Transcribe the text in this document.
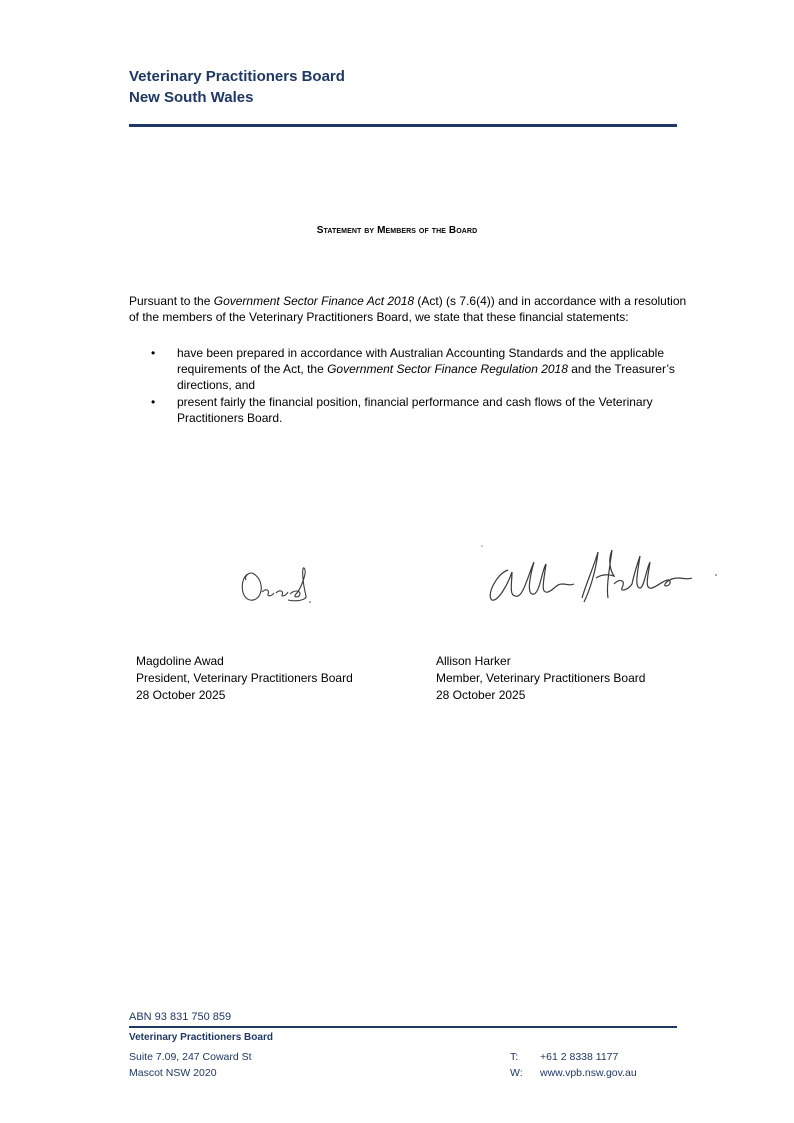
Veterinary Practitioners Board
New South Wales
Statement by Members of the Board

Pursuant to the Government Sector Finance Act 2018 (Act) (s 7.6(4)) and in accordance with a resolution of the members of the Veterinary Practitioners Board, we state that these financial statements:

• have been prepared in accordance with Australian Accounting Standards and the applicable requirements of the Act, the Government Sector Finance Regulation 2018 and the Treasurer’s directions, and
• present fairly the financial position, financial performance and cash flows of the Veterinary Practitioners Board.
Magdoline Awad
President, Veterinary Practitioners Board
28 October 2025
Allison Harker
Member, Veterinary Practitioners Board
28 October 2025
ABN 93 831 750 859
Veterinary Practitioners Board
Suite 7.09, 247 Coward St
Mascot NSW 2020
T: +61 2 8338 1177
W: www.vpb.nsw.gov.au
